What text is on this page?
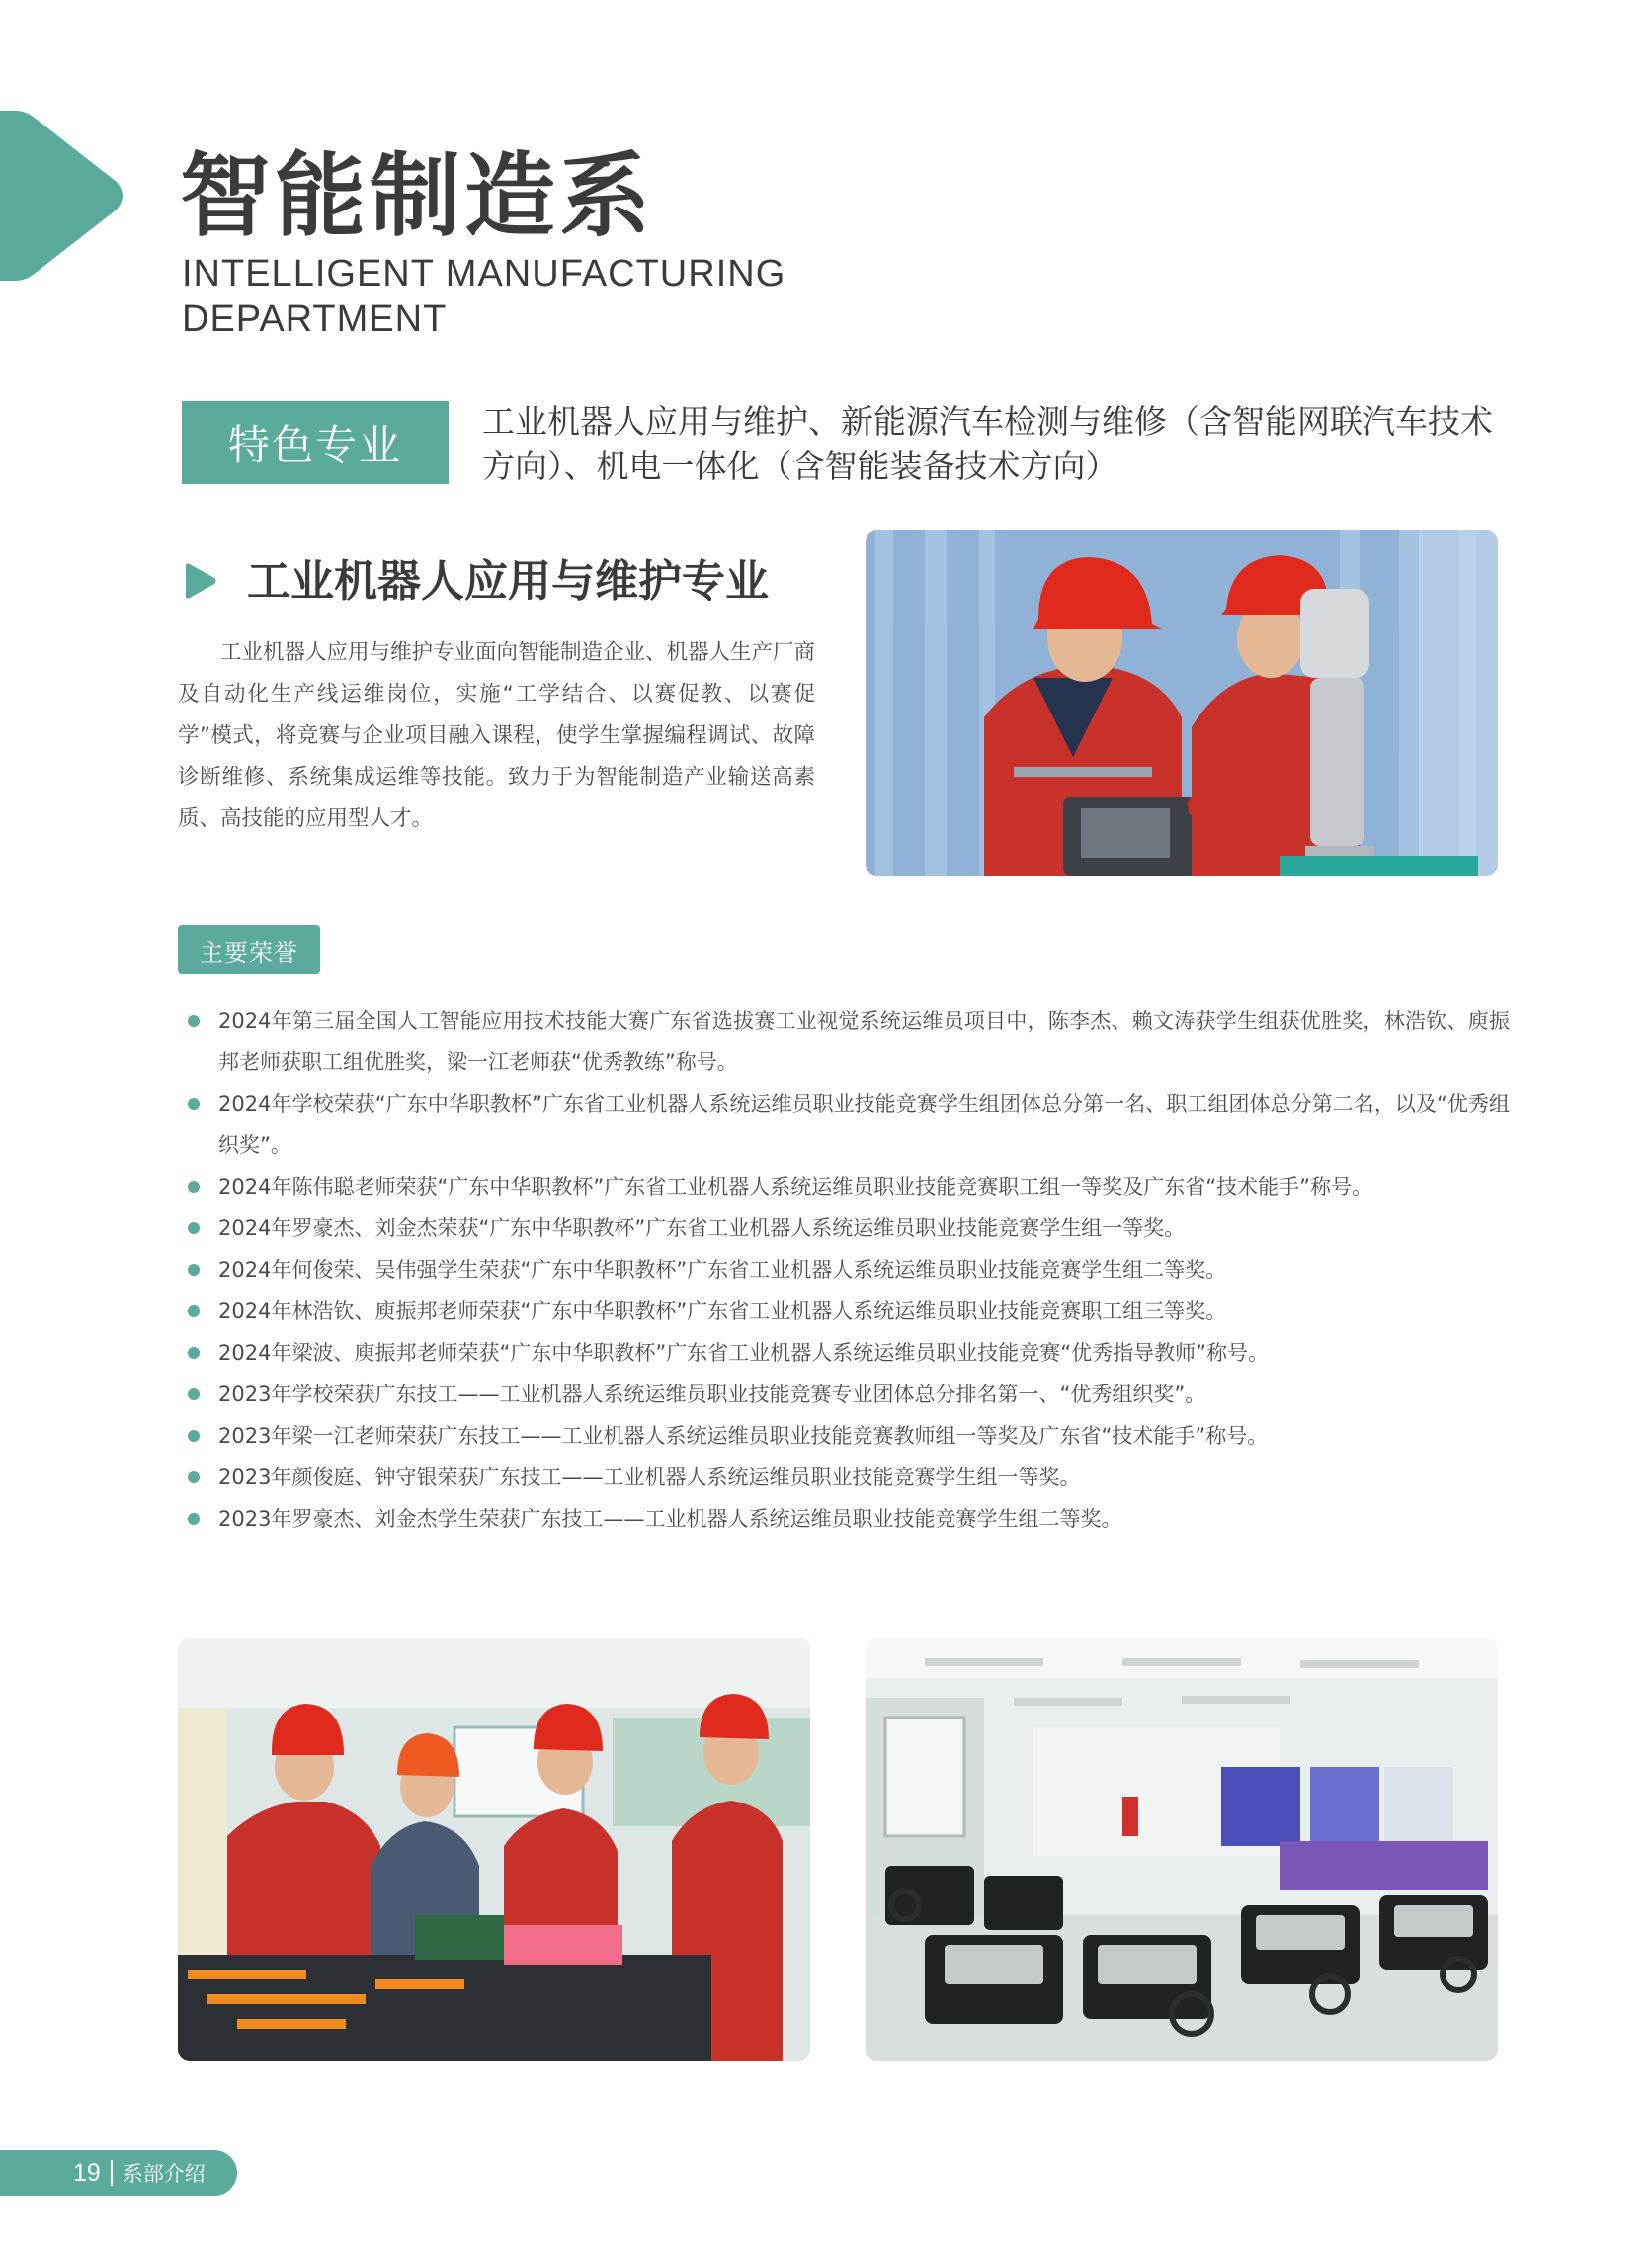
智能制造系
INTELLIGENT MANUFACTURING DEPARTMENT
特色专业	工业机器人应用与维护、新能源汽车检测与维修（含智能网联汽车技术方向）、机电一体化（含智能装备技术方向）
工业机器人应用与维护专业

工业机器人应用与维护专业面向智能制造企业、机器人生产厂商及自动化生产线运维岗位，实施“工学结合、以赛促教、以赛促学”模式，将竞赛与企业项目融入课程，使学生掌握编程调试、故障诊断维修、系统集成运维等技能。致力于为智能制造产业输送高素质、高技能的应用型人才。

主要荣誉
2024年第三届全国人工智能应用技术技能大赛广东省选拔赛工业视觉系统运维员项目中，陈李杰、赖文涛获学生组获优胜奖，林浩钦、庾振邦老师获职工组优胜奖，梁一江老师获“优秀教练”称号。
2024年学校荣获“广东中华职教杯”广东省工业机器人系统运维员职业技能竞赛学生组团体总分第一名、职工组团体总分第二名，以及“优秀组织奖”。
2024年陈伟聪老师荣获“广东中华职教杯”广东省工业机器人系统运维员职业技能竞赛职工组一等奖及广东省“技术能手”称号。
2024年罗豪杰、刘金杰荣获“广东中华职教杯”广东省工业机器人系统运维员职业技能竞赛学生组一等奖。
2024年何俊荣、吴伟强学生荣获“广东中华职教杯”广东省工业机器人系统运维员职业技能竞赛学生组二等奖。
2024年林浩钦、庾振邦老师荣获“广东中华职教杯”广东省工业机器人系统运维员职业技能竞赛职工组三等奖。
2024年梁波、庾振邦老师荣获“广东中华职教杯”广东省工业机器人系统运维员职业技能竞赛“优秀指导教师”称号。
2023年学校荣获广东技工——工业机器人系统运维员职业技能竞赛专业团体总分排名第一、“优秀组织奖”。
2023年梁一江老师荣获广东技工——工业机器人系统运维员职业技能竞赛教师组一等奖及广东省“技术能手”称号。
2023年颜俊庭、钟守银荣获广东技工——工业机器人系统运维员职业技能竞赛学生组一等奖。
2023年罗豪杰、刘金杰学生荣获广东技工——工业机器人系统运维员职业技能竞赛学生组二等奖。
19 系部介绍
